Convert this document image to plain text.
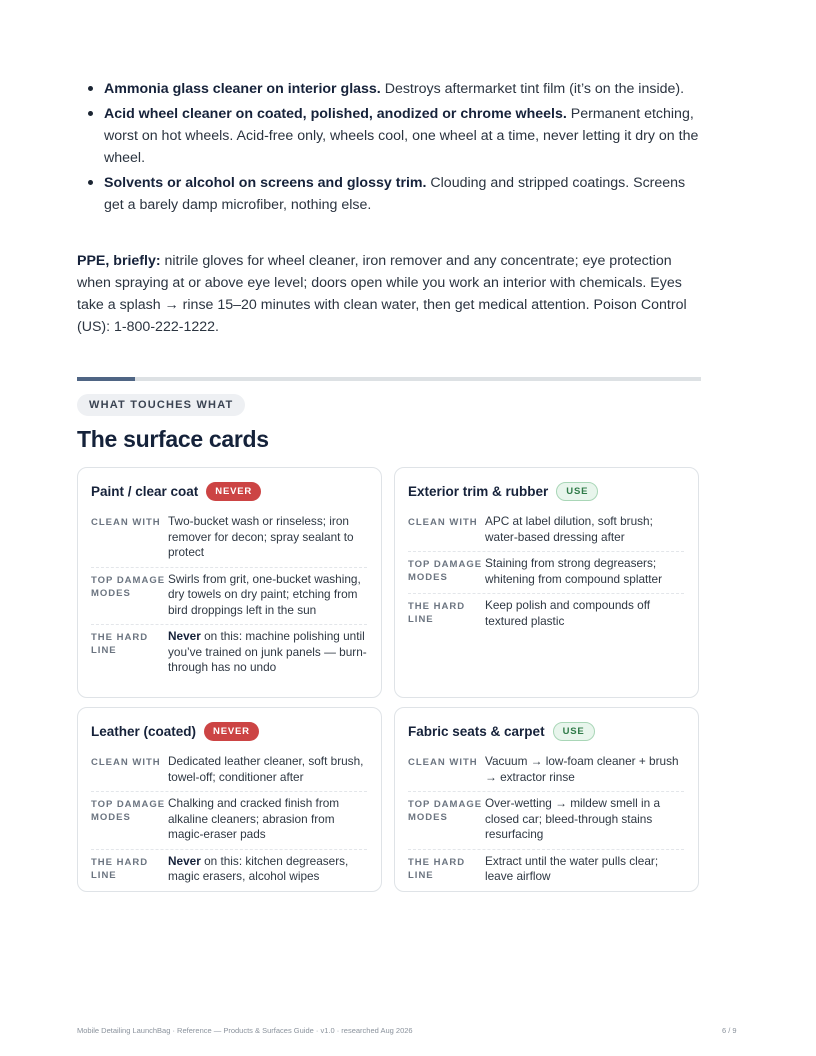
Ammonia glass cleaner on interior glass. Destroys aftermarket tint film (it’s on the inside).
Acid wheel cleaner on coated, polished, anodized or chrome wheels. Permanent etching, worst on hot wheels. Acid-free only, wheels cool, one wheel at a time, never letting it dry on the wheel.
Solvents or alcohol on screens and glossy trim. Clouding and stripped coatings. Screens get a barely damp microfiber, nothing else.

PPE, briefly: nitrile gloves for wheel cleaner, iron remover and any concentrate; eye protection when spraying at or above eye level; doors open while you work an interior with chemicals. Eyes take a splash → rinse 15–20 minutes with clean water, then get medical attention. Poison Control (US): 1-800-222-1222.

WHAT TOUCHES WHAT
The surface cards
Paint / clear coat	NEVER
CLEAN WITH Two-bucket wash or rinseless; iron remover for decon; spray sealant to protect
TOP DAMAGE MODES
Swirls from grit, one-bucket washing, dry towels on dry paint; etching from bird droppings left in the sun
THE HARD LINE
Never on this: machine polishing until you’ve trained on junk panels — burn-through has no undo
Exterior trim & rubber	USE
CLEAN WITH APC at label dilution, soft brush; water-based dressing after
TOP DAMAGE MODES
Staining from strong degreasers; whitening from compound splatter
THE HARD LINE
Keep polish and compounds off textured plastic
Leather (coated)	NEVER
CLEAN WITH Dedicated leather cleaner, soft brush, towel-off; conditioner after
TOP DAMAGE MODES
Chalking and cracked finish from alkaline cleaners; abrasion from magic-eraser pads
THE HARD LINE
Never on this: kitchen degreasers, magic erasers, alcohol wipes
Fabric seats & carpet	USE
CLEAN WITH Vacuum → low-foam cleaner + brush → extractor rinse
TOP DAMAGE MODES
Over-wetting → mildew smell in a closed car; bleed-through stains resurfacing
THE HARD LINE
Extract until the water pulls clear; leave airflow
Mobile Detailing LaunchBag · Reference — Products & Surfaces Guide · v1.0 · researched Aug 2026	6 / 9
